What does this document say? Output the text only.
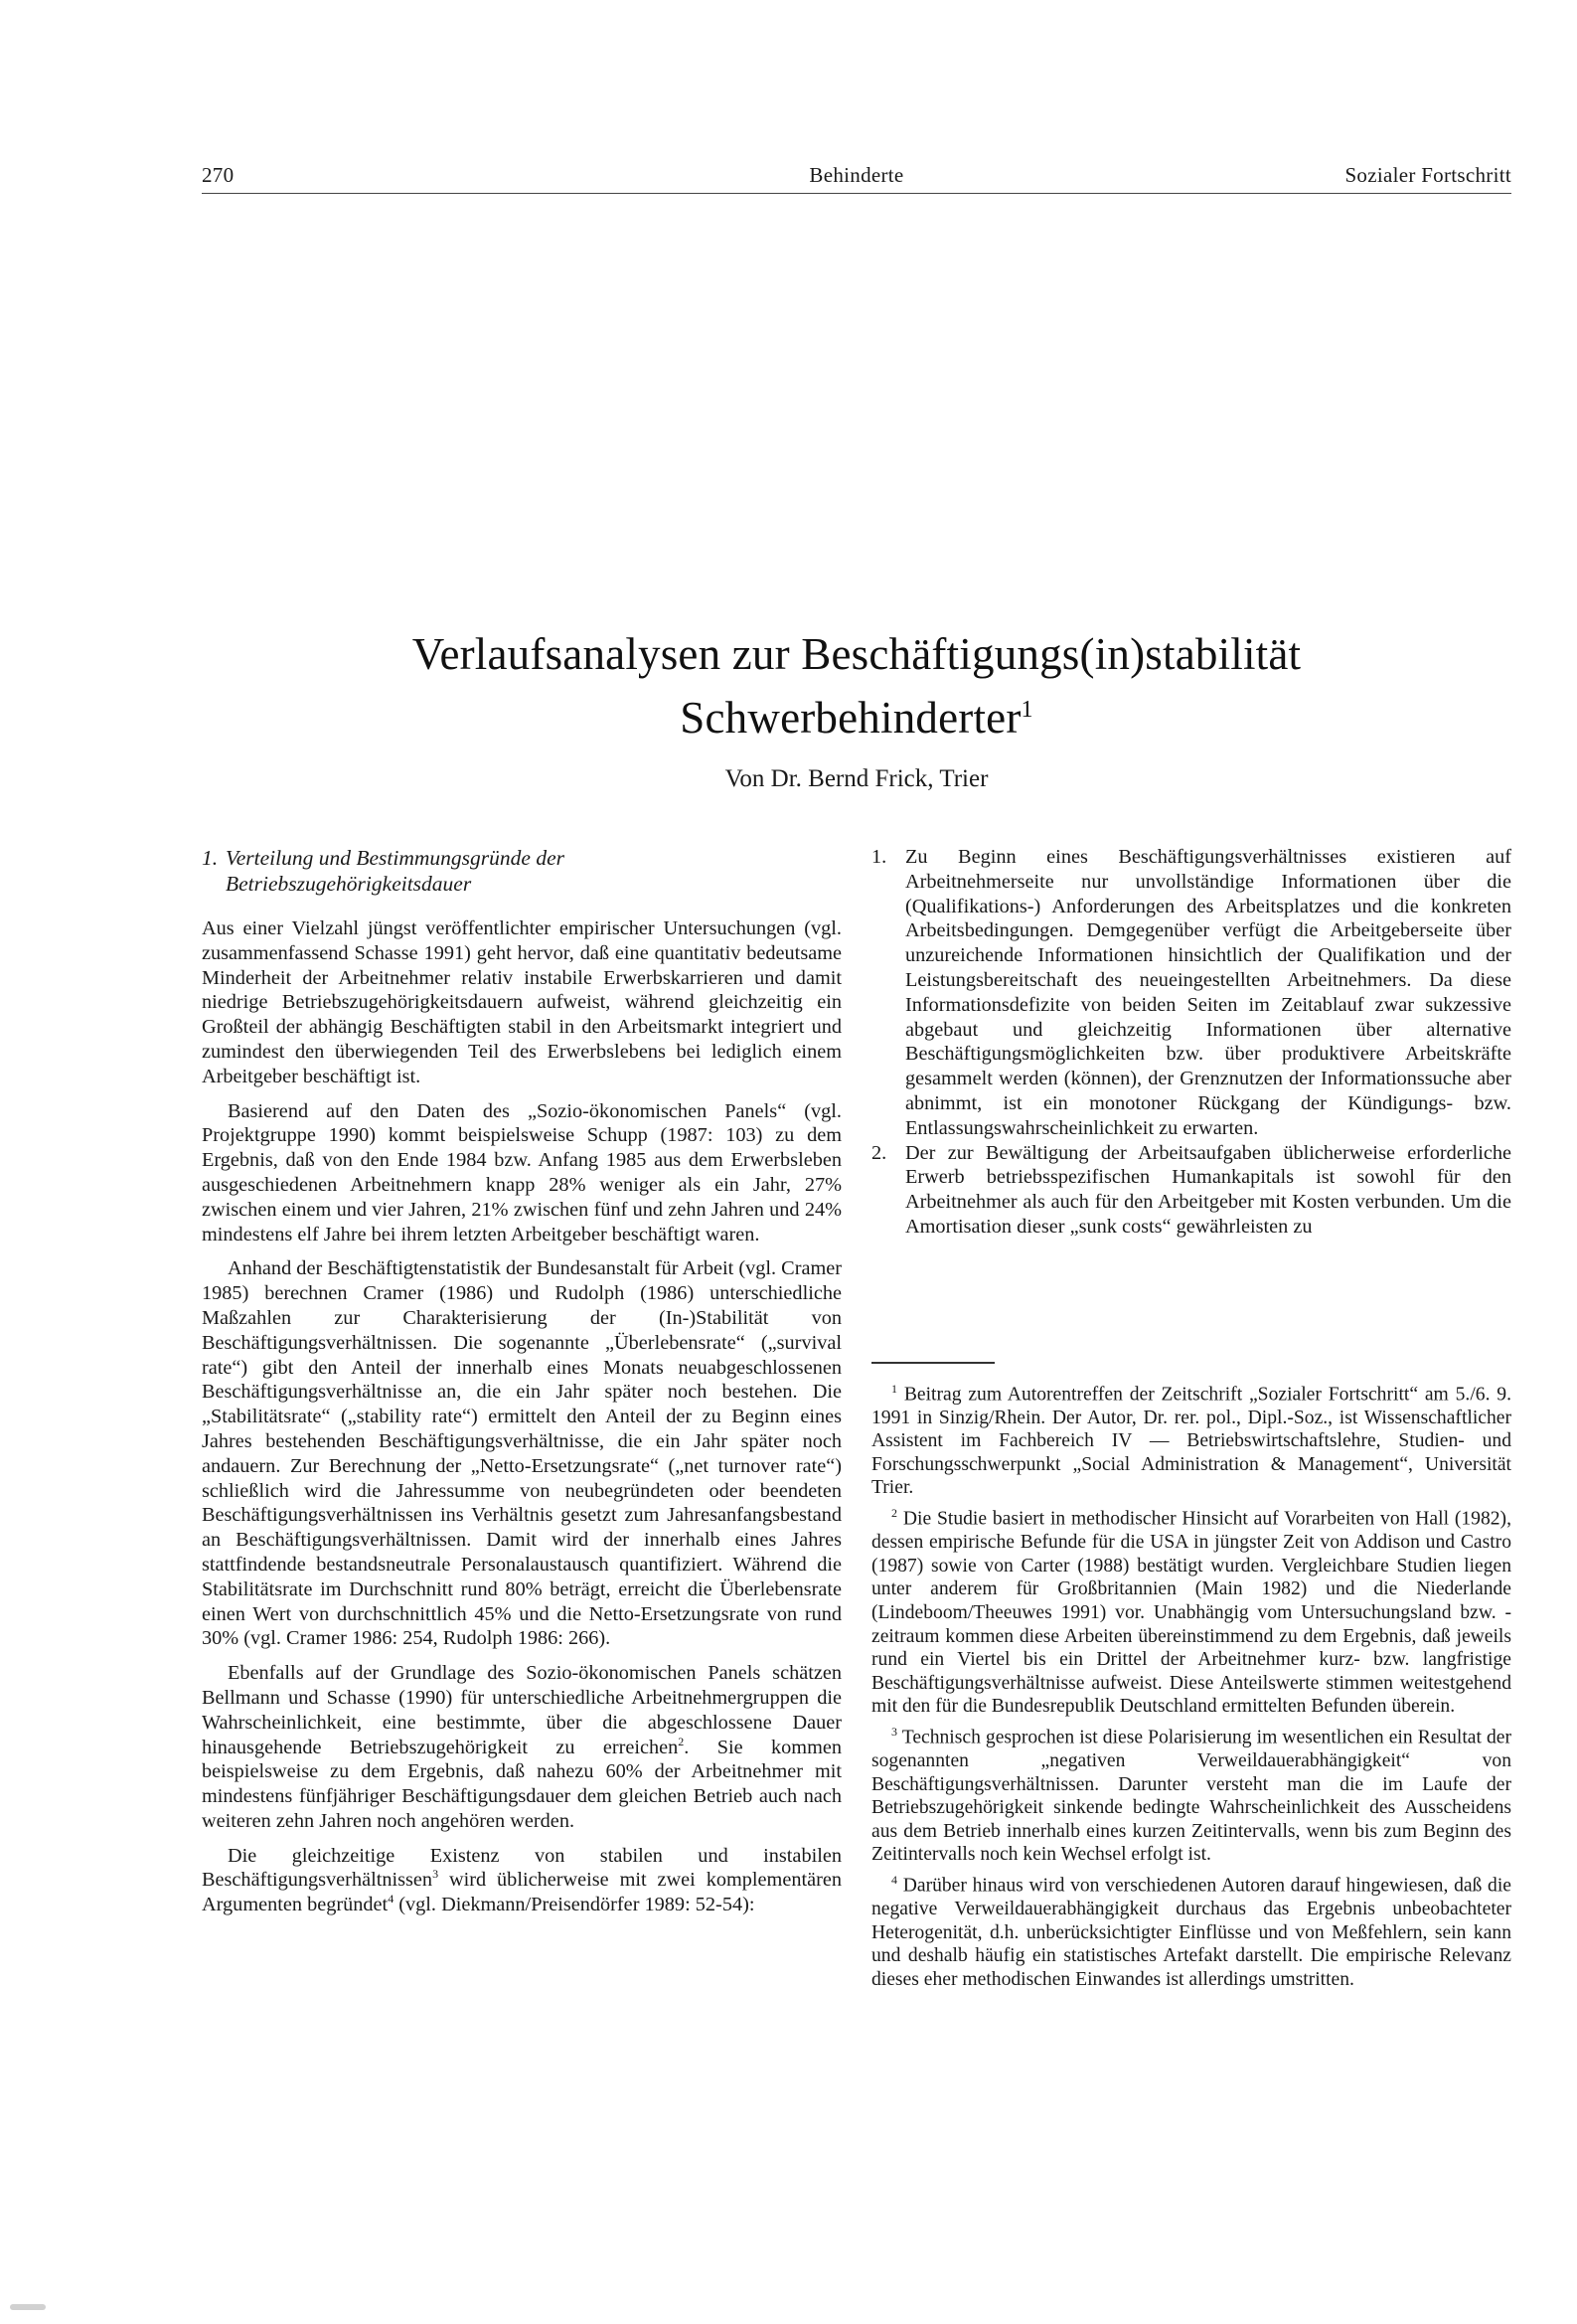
270	Behinderte	Sozialer Fortschritt
Verlaufsanalysen zur Beschäftigungs(in)stabilität
Schwerbehinderter$^1$
Von Dr. Bernd Frick, Trier
1. Verteilung und Bestimmungsgründe der
Betriebszugehörigkeitsdauer

Aus einer Vielzahl jüngst veröffentlichter empirischer Untersuchungen (vgl. zusammenfassend Schasse 1991) geht hervor, daß eine quantitativ bedeutsame Minderheit der Arbeitnehmer relativ instabile Erwerbskarrieren und damit niedrige Betriebszugehörigkeitsdauern aufweist, während gleichzeitig ein Großteil der abhängig Beschäftigten stabil in den Arbeitsmarkt integriert und zumindest den überwiegenden Teil des Erwerbslebens bei lediglich einem Arbeitgeber beschäftigt ist.

Basierend auf den Daten des „Sozio-ökonomischen Panels“ (vgl. Projektgruppe 1990) kommt beispielsweise Schupp (1987: 103) zu dem Ergebnis, daß von den Ende 1984 bzw. Anfang 1985 aus dem Erwerbsleben ausgeschiedenen Arbeitnehmern knapp 28% weniger als ein Jahr, 27% zwischen einem und vier Jahren, 21% zwischen fünf und zehn Jahren und 24% mindestens elf Jahre bei ihrem letzten Arbeitgeber beschäftigt waren.

Anhand der Beschäftigtenstatistik der Bundesanstalt für Arbeit (vgl. Cramer 1985) berechnen Cramer (1986) und Rudolph (1986) unterschiedliche Maßzahlen zur Charakterisierung der (In-)Stabilität von Beschäftigungsverhältnissen. Die sogenannte „Überlebensrate“ („survival rate“) gibt den Anteil der innerhalb eines Monats neuabgeschlossenen Beschäftigungsverhältnisse an, die ein Jahr später noch bestehen. Die „Stabilitätsrate“ („stability rate“) ermittelt den Anteil der zu Beginn eines Jahres bestehenden Beschäftigungsverhältnisse, die ein Jahr später noch andauern. Zur Berechnung der „Netto-Ersetzungsrate“ („net turnover rate“) schließlich wird die Jahressumme von neubegründeten oder beendeten Beschäftigungsverhältnissen ins Verhältnis gesetzt zum Jahresanfangsbestand an Beschäftigungsverhältnissen. Damit wird der innerhalb eines Jahres stattfindende bestandsneutrale Personalaustausch quantifiziert. Während die Stabilitätsrate im Durchschnitt rund 80% beträgt, erreicht die Überlebensrate einen Wert von durchschnittlich 45% und die Netto-Ersetzungsrate von rund 30% (vgl. Cramer 1986: 254, Rudolph 1986: 266).

Ebenfalls auf der Grundlage des Sozio-ökonomischen Panels schätzen Bellmann und Schasse (1990) für unterschiedliche Arbeitnehmergruppen die Wahrscheinlichkeit, eine bestimmte, über die abgeschlossene Dauer hinausgehende Betriebszugehörigkeit zu erreichen$^2$. Sie kommen beispielsweise zu dem Ergebnis, daß nahezu 60% der Arbeitnehmer mit mindestens fünfjähriger Beschäftigungsdauer dem gleichen Betrieb auch nach weiteren zehn Jahren noch angehören werden.

Die gleichzeitige Existenz von stabilen und instabilen Beschäftigungsverhältnissen$^3$ wird üblicherweise mit zwei komplementären Argumenten begründet$^4$ (vgl. Diekmann/Preisendörfer 1989: 52-54):

1. Zu Beginn eines Beschäftigungsverhältnisses existieren auf Arbeitnehmerseite nur unvollständige Informationen über die (Qualifikations-) Anforderungen des Arbeitsplatzes und die konkreten Arbeitsbedingungen. Demgegenüber verfügt die Arbeitgeberseite über unzureichende Informationen hinsichtlich der Qualifikation und der Leistungsbereitschaft des neueingestellten Arbeitnehmers. Da diese Informationsdefizite von beiden Seiten im Zeitablauf zwar sukzessive abgebaut und gleichzeitig Informationen über alternative Beschäftigungsmöglichkeiten bzw. über produktivere Arbeitskräfte gesammelt werden (können), der Grenznutzen der Informationssuche aber abnimmt, ist ein monotoner Rückgang der Kündigungs- bzw. Entlassungswahrscheinlichkeit zu erwarten.
2. Der zur Bewältigung der Arbeitsaufgaben üblicherweise erforderliche Erwerb betriebsspezifischen Humankapitals ist sowohl für den Arbeitnehmer als auch für den Arbeitgeber mit Kosten verbunden. Um die Amortisation dieser „sunk costs“ gewährleisten zu

$^1$ Beitrag zum Autorentreffen der Zeitschrift „Sozialer Fortschritt“ am 5./6. 9. 1991 in Sinzig/Rhein. Der Autor, Dr. rer. pol., Dipl.-Soz., ist Wissenschaftlicher Assistent im Fachbereich IV — Betriebswirtschaftslehre, Studien- und Forschungsschwerpunkt „Social Administration & Management“, Universität Trier.

$^2$ Die Studie basiert in methodischer Hinsicht auf Vorarbeiten von Hall (1982), dessen empirische Befunde für die USA in jüngster Zeit von Addison und Castro (1987) sowie von Carter (1988) bestätigt wurden. Vergleichbare Studien liegen unter anderem für Großbritannien (Main 1982) und die Niederlande (Lindeboom/Theeuwes 1991) vor. Unabhängig vom Untersuchungsland bzw. -zeitraum kommen diese Arbeiten übereinstimmend zu dem Ergebnis, daß jeweils rund ein Viertel bis ein Drittel der Arbeitnehmer kurz- bzw. langfristige Beschäftigungsverhältnisse aufweist. Diese Anteilswerte stimmen weitestgehend mit den für die Bundesrepublik Deutschland ermittelten Befunden überein.

$^3$ Technisch gesprochen ist diese Polarisierung im wesentlichen ein Resultat der sogenannten „negativen Verweildauerabhängigkeit“ von Beschäftigungsverhältnissen. Darunter versteht man die im Laufe der Betriebszugehörigkeit sinkende bedingte Wahrscheinlichkeit des Ausscheidens aus dem Betrieb innerhalb eines kurzen Zeitintervalls, wenn bis zum Beginn des Zeitintervalls noch kein Wechsel erfolgt ist.

$^4$ Darüber hinaus wird von verschiedenen Autoren darauf hingewiesen, daß die negative Verweildauerabhängigkeit durchaus das Ergebnis unbeobachteter Heterogenität, d.h. unberücksichtigter Einflüsse und von Meßfehlern, sein kann und deshalb häufig ein statistisches Artefakt darstellt. Die empirische Relevanz dieses eher methodischen Einwandes ist allerdings umstritten.
